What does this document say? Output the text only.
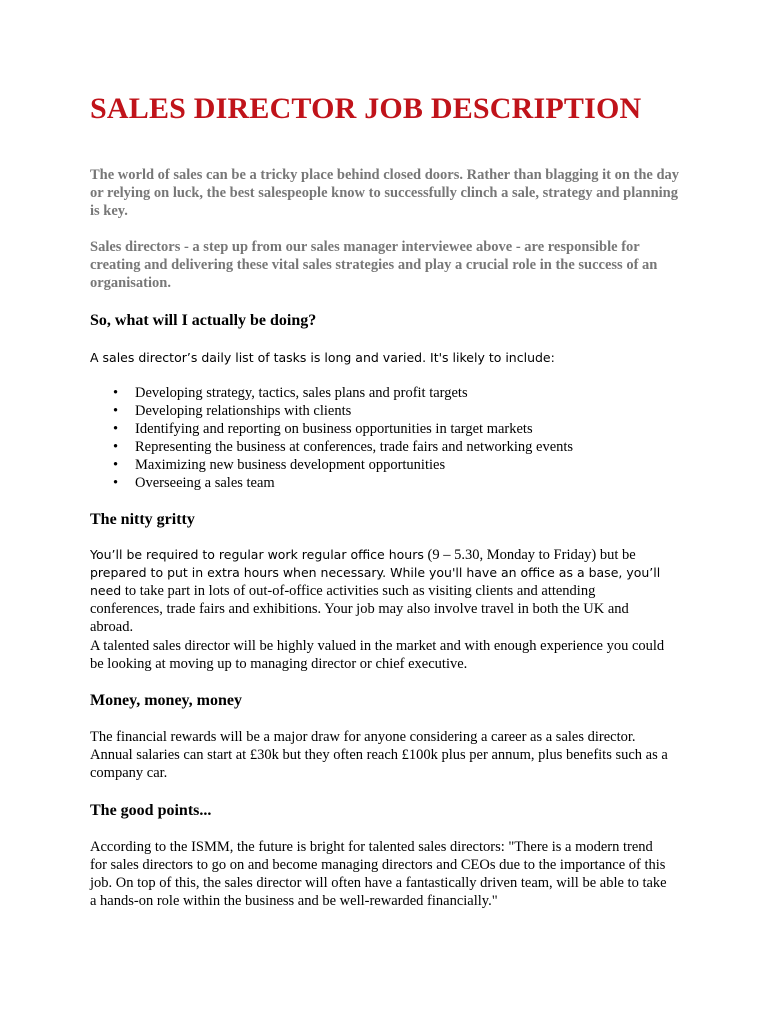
SALES DIRECTOR JOB DESCRIPTION

The world of sales can be a tricky place behind closed doors. Rather than blagging it on the day or relying on luck, the best salespeople know to successfully clinch a sale, strategy and planning is key.

Sales directors - a step up from our sales manager interviewee above - are responsible for creating and delivering these vital sales strategies and play a crucial role in the success of an organisation.

So, what will I actually be doing?

A sales director’s daily list of tasks is long and varied. It's likely to include:

• Developing strategy, tactics, sales plans and profit targets
• Developing relationships with clients
• Identifying and reporting on business opportunities in target markets
• Representing the business at conferences, trade fairs and networking events
• Maximizing new business development opportunities
• Overseeing a sales team
The nitty gritty

You’ll be required to regular work regular office hours (9 – 5.30, Monday to Friday) but be
prepared to put in extra hours when necessary. While you'll have an office as a base, you’ll need to take part in lots of out-of-office activities such as visiting clients and attending conferences, trade fairs and exhibitions. Your job may also involve travel in both the UK and abroad.

A talented sales director will be highly valued in the market and with enough experience you could be looking at moving up to managing director or chief executive.

Money, money, money

The financial rewards will be a major draw for anyone considering a career as a sales director. Annual salaries can start at £30k but they often reach £100k plus per annum, plus benefits such as a company car.

The good points...

According to the ISMM, the future is bright for talented sales directors: "There is a modern trend for sales directors to go on and become managing directors and CEOs due to the importance of this job. On top of this, the sales director will often have a fantastically driven team, will be able to take a hands-on role within the business and be well-rewarded financially."
